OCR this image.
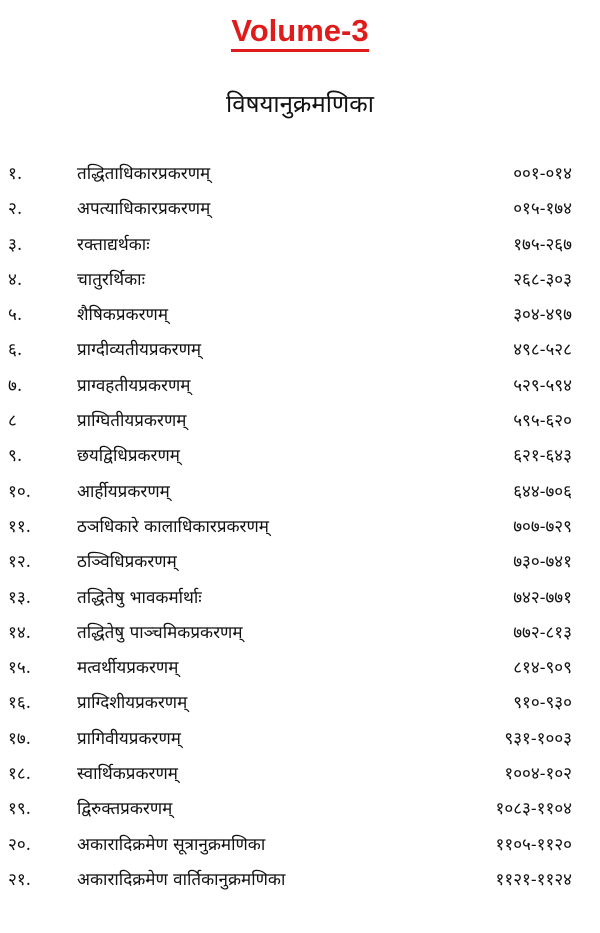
Volume-3
विषयानुक्रमणिका
१.	तद्धिताधिकारप्रकरणम्	००१-०१४
२.	अपत्याधिकारप्रकरणम्	०१५-१७४
३.	रक्ताद्यर्थकाः	१७५-२६७
४.	चातुरर्थिकाः	२६८-३०३
५.	शैषिकप्रकरणम्	३०४-४९७
६.	प्राग्दीव्यतीयप्रकरणम्	४९८-५२८
७.	प्राग्वहतीयप्रकरणम्	५२९-५९४
८	प्राग्घितीयप्रकरणम्	५९५-६२०
९.	छयद्विधिप्रकरणम्	६२१-६४३
१०.	आर्हीयप्रकरणम्	६४४-७०६
११.	ठञधिकारे कालाधिकारप्रकरणम्	७०७-७२९
१२.	ठञ्विधिप्रकरणम्	७३०-७४१
१३.	तद्धितेषु भावकर्मार्थाः	७४२-७७१
१४.	तद्धितेषु पाञ्चमिकप्रकरणम्	७७२-८१३
१५.	मत्वर्थीयप्रकरणम्	८१४-९०९
१६.	प्राग्दिशीयप्रकरणम्	९१०-९३०
१७.	प्रागिवीयप्रकरणम्	९३१-१००३
१८.	स्वार्थिकप्रकरणम्	१००४-१०२
१९.	द्विरुक्तप्रकरणम्	१०८३-११०४
२०.	अकारादिक्रमेण सूत्रानुक्रमणिका	११०५-११२०
२१.	अकारादिक्रमेण वार्तिकानुक्रमणिका	११२१-११२४
